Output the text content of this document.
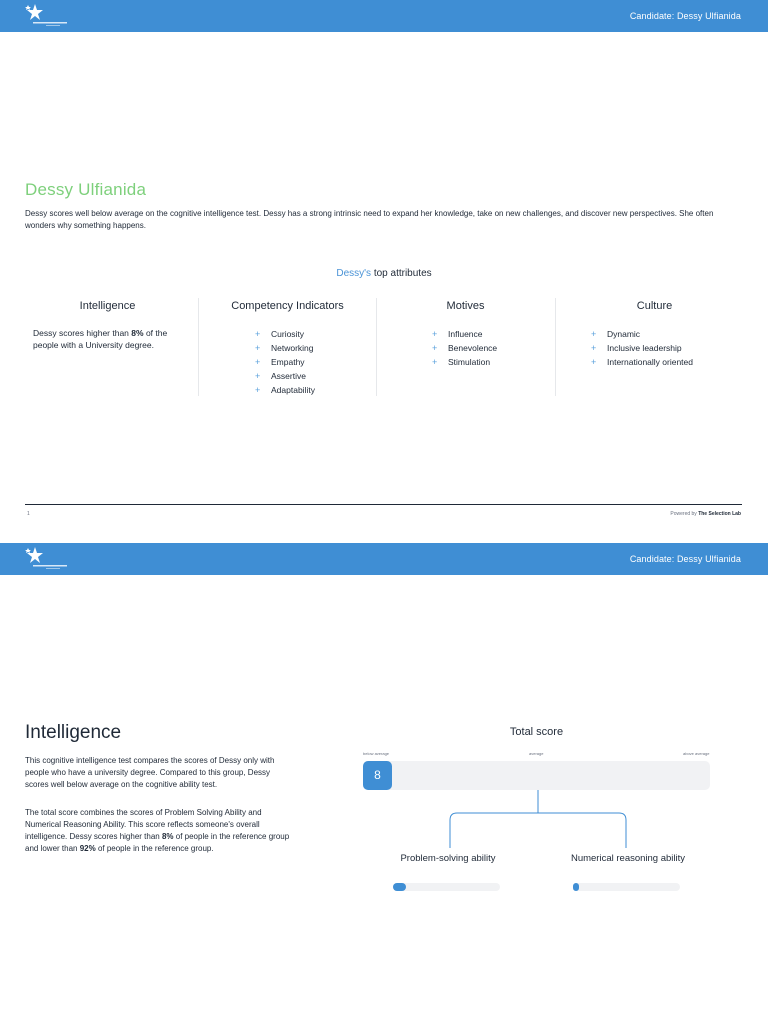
Candidate: Dessy Ulfianida
Dessy Ulfianida
Dessy scores well below average on the cognitive intelligence test. Dessy has a strong intrinsic need to expand her knowledge, take on new challenges, and discover new perspectives. She often wonders why something happens.
Dessy's top attributes
Intelligence
Dessy scores higher than 8% of the people with a University degree.
Competency Indicators
+ Curiosity
+ Networking
+ Empathy
+ Assertive
+ Adaptability
Motives
+ Influence
+ Benevolence
+ Stimulation
Culture
+ Dynamic
+ Inclusive leadership
+ Internationally oriented
1	Powered by The Selection Lab
Candidate: Dessy Ulfianida
Intelligence
This cognitive intelligence test compares the scores of Dessy only with people who have a university degree. Compared to this group, Dessy scores well below average on the cognitive ability test.
The total score combines the scores of Problem Solving Ability and Numerical Reasoning Ability. This score reflects someone's overall intelligence. Dessy scores higher than 8% of people in the reference group and lower than 92% of people in the reference group.
Total score
below average	average	above average
8
Problem-solving ability	Numerical reasoning ability
